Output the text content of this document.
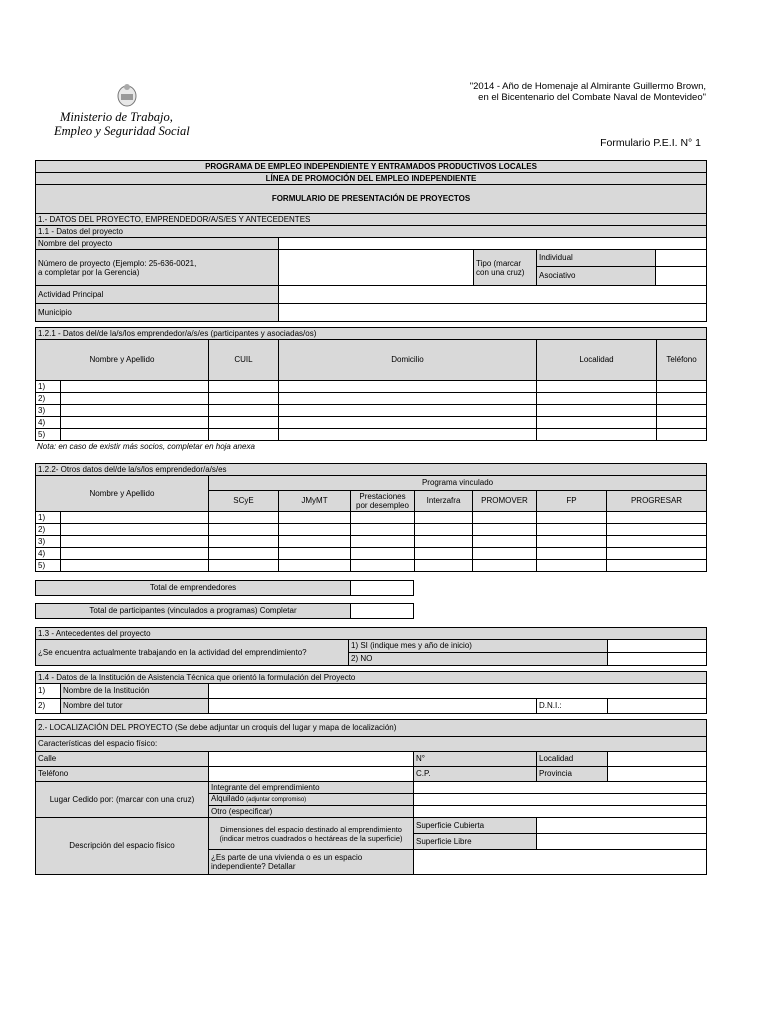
Ministerio de Trabajo,
Empleo y Seguridad Social
"2014 - Año de Homenaje al Almirante Guillermo Brown,
en el Bicentenario del Combate Naval de Montevideo"
Formulario P.E.I. N° 1
PROGRAMA DE EMPLEO INDEPENDIENTE Y ENTRAMADOS PRODUCTIVOS LOCALES				
LÍNEA DE PROMOCIÓN DEL EMPLEO INDEPENDIENTE				
FORMULARIO DE PRESENTACIÓN DE PROYECTOS				
1.- DATOS DEL PROYECTO, EMPRENDEDOR/A/S/ES Y ANTECEDENTES				
1.1 - Datos del proyecto				
Nombre del proyecto				
Número de proyecto (Ejemplo: 25-636-0021,
a completar por la Gerencia)		Tipo (marcar
con una cruz)	Individual	
			Asociativo	
Actividad Principal				
Municipio				

1.2.1 - Datos del/de la/s/los emprendedor/a/s/es (participantes y asociadas/os)					
Nombre y Apellido		CUIL	Domicilio	Localidad	Teléfono
1)					
2)					
3)					
4)					
5)					
Nota: en caso de existir más socios, completar en hoja anexa
1.2.2- Otros datos del/de la/s/los emprendedor/a/s/es								
Nombre y Apellido		Programa vinculado						
		SCyE	JMyMT	Prestaciones por desempleo	Interzafra	PROMOVER	FP	PROGRESAR
1)								
2)								
3)								
4)								
5)								
Total de emprendedores	
Total de participantes (vinculados a programas) Completar	
1.3 - Antecedentes del proyecto		
¿Se encuentra actualmente trabajando en la actividad del emprendimiento?	1) SI (indique mes y año de inicio)	
	2) NO	
1.4 - Datos de la Institución de Asistencia Técnica que orientó la formulación del Proyecto				
1)	Nombre de la Institución			
2)	Nombre del tutor		D.N.I.:	
2.- LOCALIZACIÓN DEL PROYECTO (Se debe adjuntar un croquis del lugar y mapa de localización)				
Características del espacio físico:				
Calle		N°	Localidad	
Teléfono		C.P.	Provincia	
Lugar Cedido por: (marcar con una cruz)	Integrante del emprendimiento			
	Alquilado (adjuntar compromiso)			
	Otro (especificar)			
Descripción del espacio físico	Dimensiones del espacio destinado al emprendimiento (indicar metros cuadrados o hectáreas de la superficie)	Superficie Cubierta		
		Superficie Libre		
	¿Es parte de una vivienda o es un espacio independiente? Detallar			
